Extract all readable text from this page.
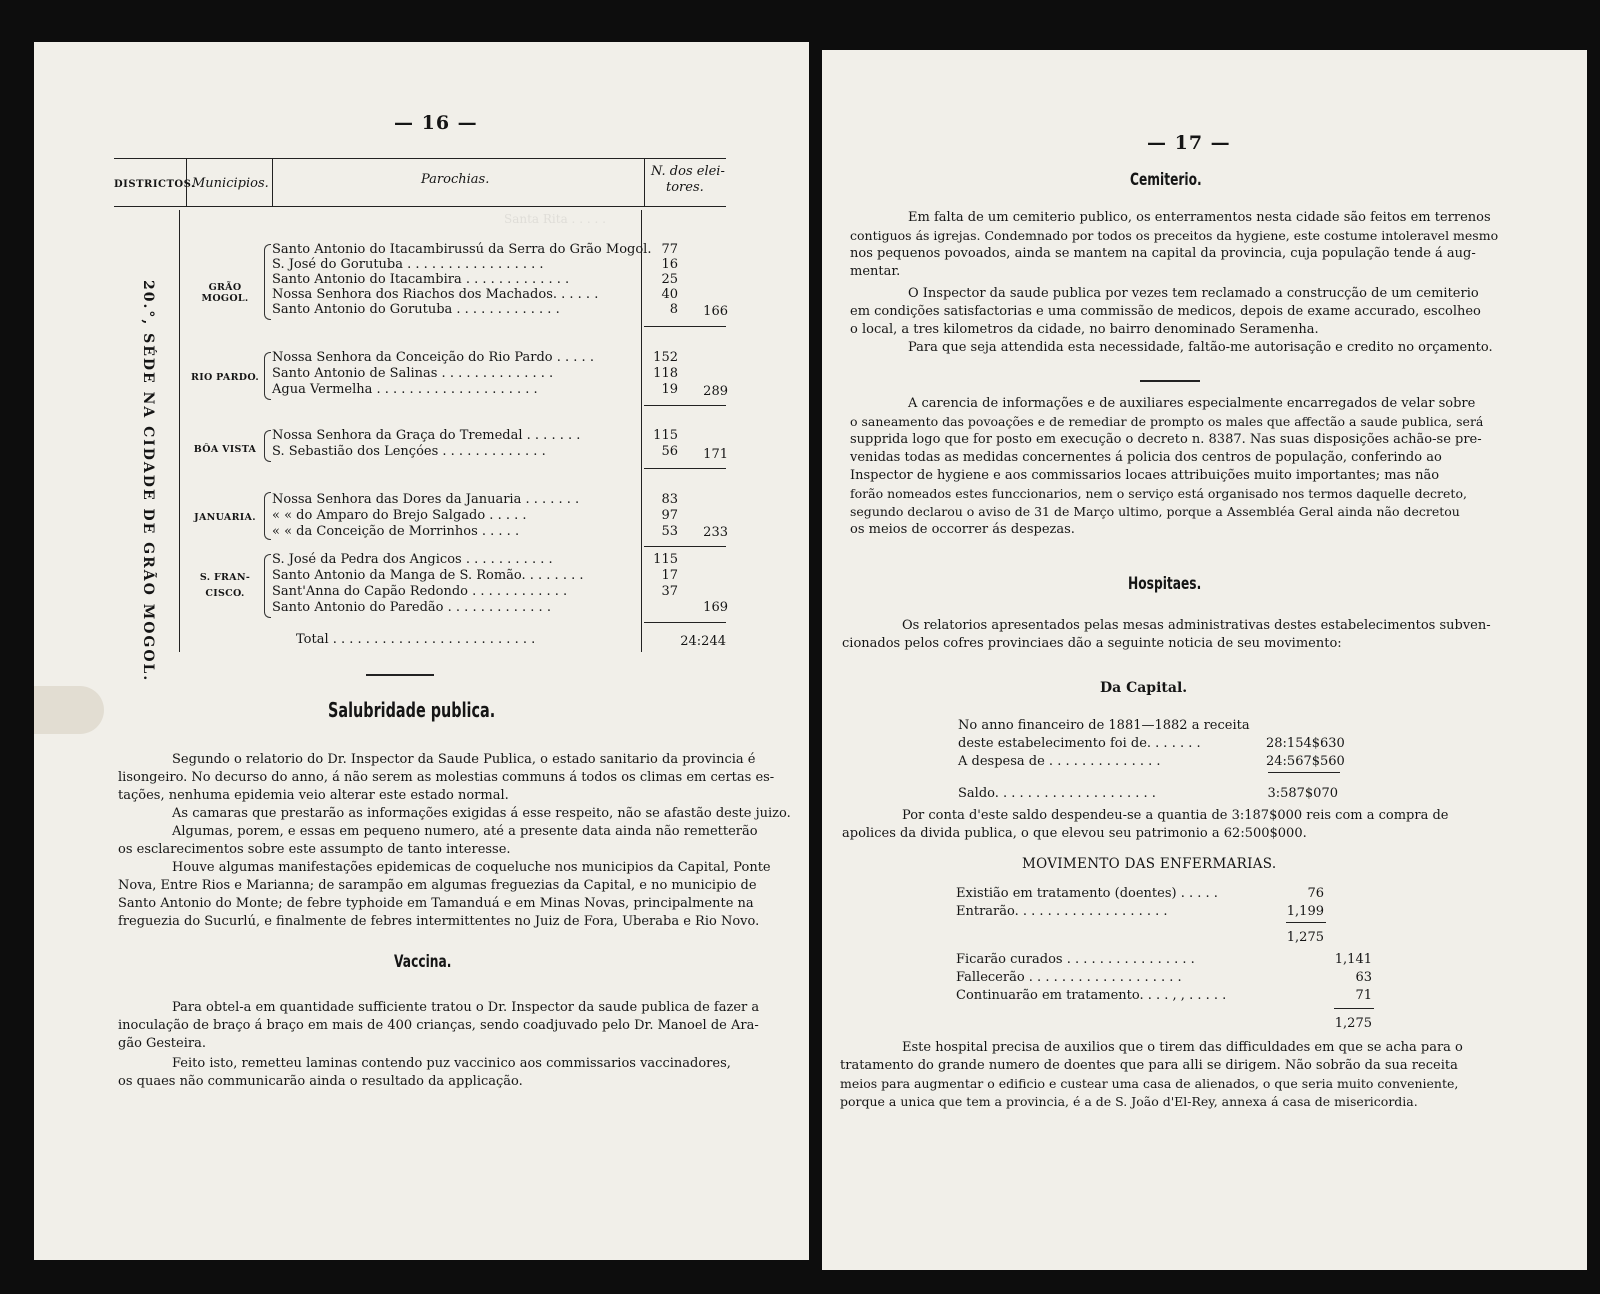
Santa Rita . . . . .
— 16 —
DISTRICTOS.
Municipios.	Parochias.
N. dos elei-
tores.
20.°, SÉDE NA CIDADE DE GRÃO MOGOL.	GRÃO MOGOL.
Santo Antonio do Itacambirussú da Serra do Grão Mogol. 77
S. José do Gorutuba . . . . . . . . . . . . . . . . .	16
Santo Antonio do Itacambira . . . . . . . . . . . . .	25
Nossa Senhora dos Riachos dos Machados. . . . . .	40
Santo Antonio do Gorutuba . . . . . . . . . . . . .	8	166
RIO PARDO.
Nossa Senhora da Conceição do Rio Pardo . . . . .	152
Santo Antonio de Salinas . . . . . . . . . . . . . .	118
Agua Vermelha . . . . . . . . . . . . . . . . . . . .	19	289
BÔA VISTA
Nossa Senhora da Graça do Tremedal . . . . . . .	115
S. Sebastião dos Lençóes . . . . . . . . . . . . .	56	171
JANUARIA.
Nossa Senhora das Dores da Januaria . . . . . . .	83
« « do Amparo do Brejo Salgado . . . . .	97
« « da Conceição de Morrinhos . . . . .	53	233
S. FRAN-
CISCO.
S. José da Pedra dos Angicos . . . . . . . . . . .	115
Santo Antonio da Manga de S. Romão. . . . . . . .	17
Sant'Anna do Capão Redondo . . . . . . . . . . . .	37
Santo Antonio do Paredão . . . . . . . . . . . . .	169
Total . . . . . . . . . . . . . . . . . . . . . . . . .	24:244
Salubridade publica.
Segundo o relatorio do Dr. Inspector da Saude Publica, o estado sanitario da provincia é
lisongeiro. No decurso do anno, á não serem as molestias communs á todos os climas em certas es-
tações, nenhuma epidemia veio alterar este estado normal.
As camaras que prestarão as informações exigidas á esse respeito, não se afastão deste juizo.
Algumas, porem, e essas em pequeno numero, até a presente data ainda não remetterão
os esclarecimentos sobre este assumpto de tanto interesse.
Houve algumas manifestações epidemicas de coqueluche nos municipios da Capital, Ponte
Nova, Entre Rios e Marianna; de sarampão em algumas freguezias da Capital, e no municipio de
Santo Antonio do Monte; de febre typhoide em Tamanduá e em Minas Novas, principalmente na
freguezia do Sucurlú, e finalmente de febres intermittentes no Juiz de Fora, Uberaba e Rio Novo.
Vaccina.
Para obtel-a em quantidade sufficiente tratou o Dr. Inspector da saude publica de fazer a
inoculação de braço á braço em mais de 400 crianças, sendo coadjuvado pelo Dr. Manoel de Ara-
gão Gesteira.
Feito isto, remetteu laminas contendo puz vaccinico aos commissarios vaccinadores,
os quaes não communicarão ainda o resultado da applicação.
— 17 —
Cemiterio.
Em falta de um cemiterio publico, os enterramentos nesta cidade são feitos em terrenos
contiguos ás igrejas. Condemnado por todos os preceitos da hygiene, este costume intoleravel mesmo
nos pequenos povoados, ainda se mantem na capital da provincia, cuja população tende á aug-
mentar.
O Inspector da saude publica por vezes tem reclamado a construcção de um cemiterio
em condições satisfactorias e uma commissão de medicos, depois de exame accurado, escolheo
o local, a tres kilometros da cidade, no bairro denominado Seramenha.
Para que seja attendida esta necessidade, faltão-me autorisação e credito no orçamento.
A carencia de informações e de auxiliares especialmente encarregados de velar sobre
o saneamento das povoações e de remediar de prompto os males que affectão a saude publica, será
supprida logo que for posto em execução o decreto n. 8387. Nas suas disposições achão-se pre-
venidas todas as medidas concernentes á policia dos centros de população, conferindo ao
Inspector de hygiene e aos commissarios locaes attribuições muito importantes; mas não
forão nomeados estes funccionarios, nem o serviço está organisado nos termos daquelle decreto,
segundo declarou o aviso de 31 de Março ultimo, porque a Assembléa Geral ainda não decretou
os meios de occorrer ás despezas.
Hospitaes.
Os relatorios apresentados pelas mesas administrativas destes estabelecimentos subven-
cionados pelos cofres provinciaes dão a seguinte noticia de seu movimento:
Da Capital.
No anno financeiro de 1881—1882 a receita
deste estabelecimento foi de. . . . . . .	28:154$630
A despesa de . . . . . . . . . . . . . .	24:567$560
Saldo. . . . . . . . . . . . . . . . . . . .	3:587$070
Por conta d'este saldo despendeu-se a quantia de 3:187$000 reis com a compra de
apolices da divida publica, o que elevou seu patrimonio a 62:500$000.
MOVIMENTO DAS ENFERMARIAS.
Existião em tratamento (doentes) . . . . .	76
Entrarão. . . . . . . . . . . . . . . . . . .	1,199
1,275
Ficarão curados . . . . . . . . . . . . . . . .	1,141
Fallecerão . . . . . . . . . . . . . . . . . . .	63
Continuarão em tratamento. . . . , , . . . . .	71
1,275
Este hospital precisa de auxilios que o tirem das difficuldades em que se acha para o
tratamento do grande numero de doentes que para alli se dirigem. Não sobrão da sua receita
meios para augmentar o edificio e custear uma casa de alienados, o que seria muito conveniente,
porque a unica que tem a provincia, é a de S. João d'El-Rey, annexa á casa de misericordia.
